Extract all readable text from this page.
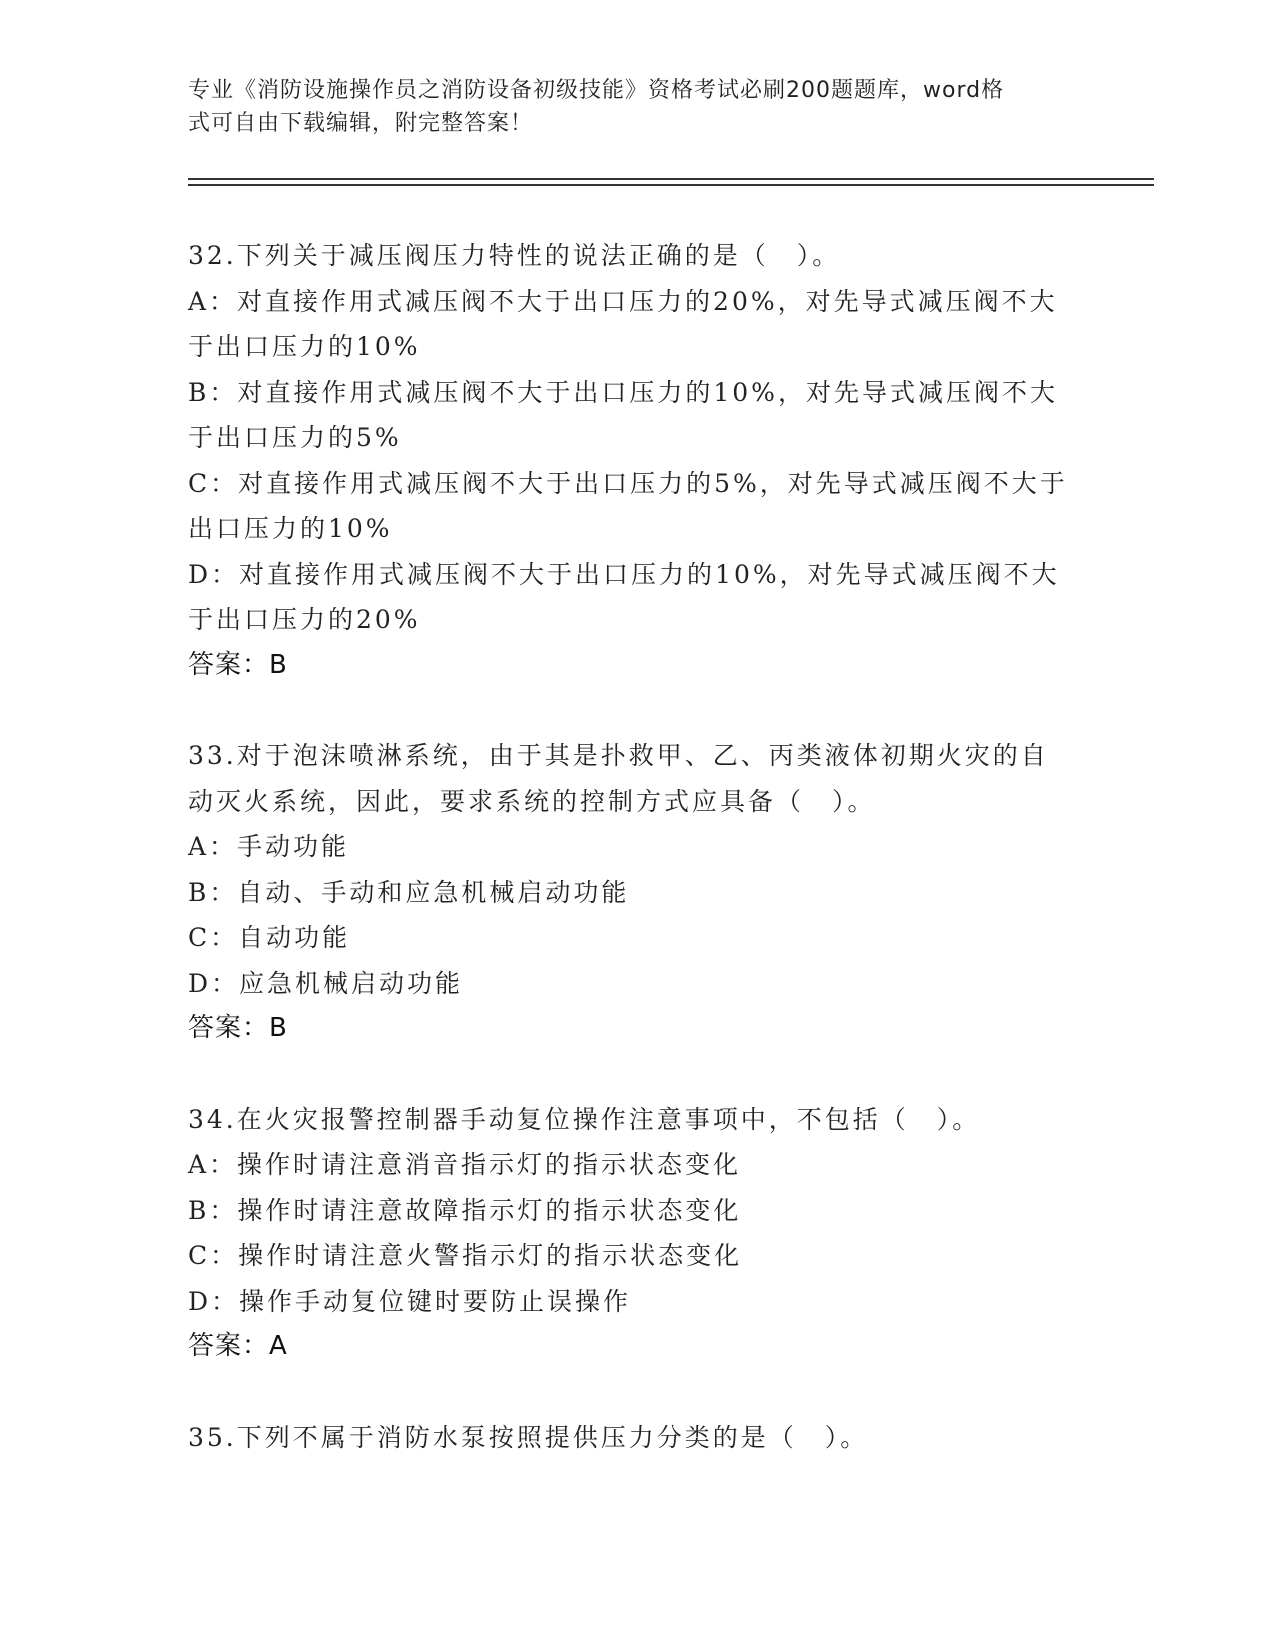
专业《消防设施操作员之消防设备初级技能》资格考试必刷200题题库，word格
式可自由下载编辑，附完整答案！
32.下列关于减压阀压力特性的说法正确的是（　）。
A：对直接作用式减压阀不大于出口压力的20%，对先导式减压阀不大
于出口压力的10%
B：对直接作用式减压阀不大于出口压力的10%，对先导式减压阀不大
于出口压力的5%
C：对直接作用式减压阀不大于出口压力的5%，对先导式减压阀不大于
出口压力的10%
D：对直接作用式减压阀不大于出口压力的10%，对先导式减压阀不大
于出口压力的20%
答案：B
33.对于泡沫喷淋系统，由于其是扑救甲、乙、丙类液体初期火灾的自
动灭火系统，因此，要求系统的控制方式应具备（　）。
A：手动功能
B：自动、手动和应急机械启动功能
C：自动功能
D：应急机械启动功能
答案：B
34.在火灾报警控制器手动复位操作注意事项中，不包括（　）。
A：操作时请注意消音指示灯的指示状态变化
B：操作时请注意故障指示灯的指示状态变化
C：操作时请注意火警指示灯的指示状态变化
D：操作手动复位键时要防止误操作
答案：A
35.下列不属于消防水泵按照提供压力分类的是（　）。
